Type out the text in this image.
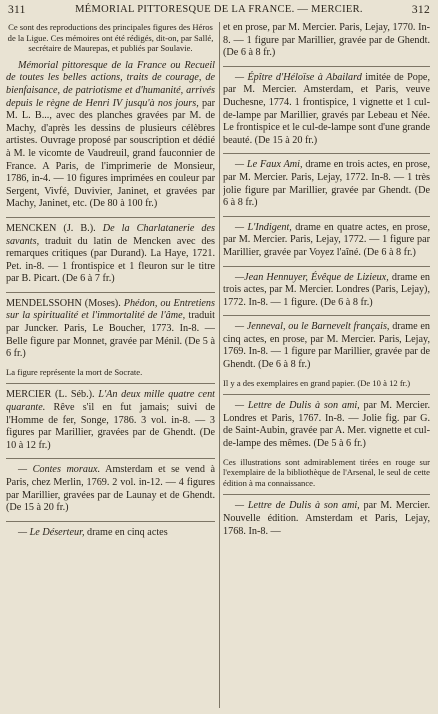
311	MÉMORIAL PITTORESQUE DE LA FRANCE. — MERCIER.	312

Ce sont des reproductions des principales figures des Héros de la Ligue. Ces mémoires ont été rédigés, dit-on, par Sallé, secrétaire de Maurepas, et publiés par Soulavie.

Mémorial pittoresque de la France ou Recueil de toutes les belles actions, traits de courage, de bienfaisance, de patriotisme et d'humanité, arrivés depuis le règne de Henri IV jusqu'à nos jours, par M. L. B..., avec des planches gravées par M. de Machy, d'après les dessins de plusieurs célèbres artistes. Ouvrage proposé par souscription et dédié à M. le vicomte de Vaudreuil, grand fauconnier de France. A Paris, de l'imprimerie de Monsieur, 1786, in-4. — 10 figures imprimées en couleur par Sergent, Vivfé, Duvivier, Janinet, et gravées par Machy, Janinet, etc. (De 80 à 100 fr.)

MENCKEN (J. B.). De la Charlatanerie des savants, traduit du latin de Mencken avec des remarques critiques (par Durand). La Haye, 1721. Pet. in-8. — 1 frontispice et 1 fleuron sur le titre par B. Picart. (De 6 à 7 fr.)

MENDELSSOHN (Moses). Phédon, ou Entretiens sur la spiritualité et l'immortalité de l'âme, traduit par Juncker. Paris, Le Boucher, 1773. In-8. — Belle figure par Monnet, gravée par Ménil. (De 5 à 6 fr.)

La figure représente la mort de Socrate.

MERCIER (L. Séb.). L'An deux mille quatre cent quarante. Rêve s'il en fut jamais; suivi de l'Homme de fer, Songe, 1786. 3 vol. in-8. — 3 figures par Marillier, gravées par de Ghendt. (De 10 à 12 fr.)

— Contes moraux. Amsterdam et se vend à Paris, chez Merlin, 1769. 2 vol. in-12. — 4 figures par Marillier, gravées par de Launay et de Ghendt. (De 15 à 20 fr.)

— Le Déserteur, drame en cinq actes

et en prose, par M. Mercier. Paris, Lejay, 1770. In-8. — 1 figure par Marillier, gravée par de Ghendt. (De 6 à 8 fr.)

— Épître d'Héloïse à Abailard imitée de Pope, par M. Mercier. Amsterdam, et Paris, veuve Duchesne, 1774. 1 frontispice, 1 vignette et 1 cul-de-lampe par Marillier, gravés par Lebeau et Née. Le frontispice et le cul-de-lampe sont d'une grande beauté. (De 15 à 20 fr.)

— Le Faux Ami, drame en trois actes, en prose, par M. Mercier. Paris, Lejay, 1772. In-8. — 1 très jolie figure par Marillier, gravée par Ghendt. (De 6 à 8 fr.)

— L'Indigent, drame en quatre actes, en prose, par M. Mercier. Paris, Lejay, 1772. — 1 figure par Marillier, gravée par Voyez l'aîné. (De 6 à 8 fr.)

—Jean Hennuyer, Évêque de Lizieux, drame en trois actes, par M. Mercier. Londres (Paris, Lejay), 1772. In-8. — 1 figure. (De 6 à 8 fr.)

— Jenneval, ou le Barnevelt français, drame en cinq actes, en prose, par M. Mercier. Paris, Lejay, 1769. In-8. — 1 figure par Marillier, gravée par de Ghendt. (De 6 à 8 fr.)

Il y a des exemplaires en grand papier. (De 10 à 12 fr.)

— Lettre de Dulis à son ami, par M. Mercier. Londres et Paris, 1767. In-8. — Jolie fig. par G. de Saint-Aubin, gravée par A. Mer. vignette et cul-de-lampe des mêmes. (De 5 à 6 fr.)

Ces illustrations sont admirablement tirées en rouge sur l'exemplaire de la bibliothèque de l'Arsenal, le seul de cette édition à ma connaissance.

— Lettre de Dulis à son ami, par M. Mercier. Nouvelle édition. Amsterdam et Paris, Lejay, 1768. In-8. —
